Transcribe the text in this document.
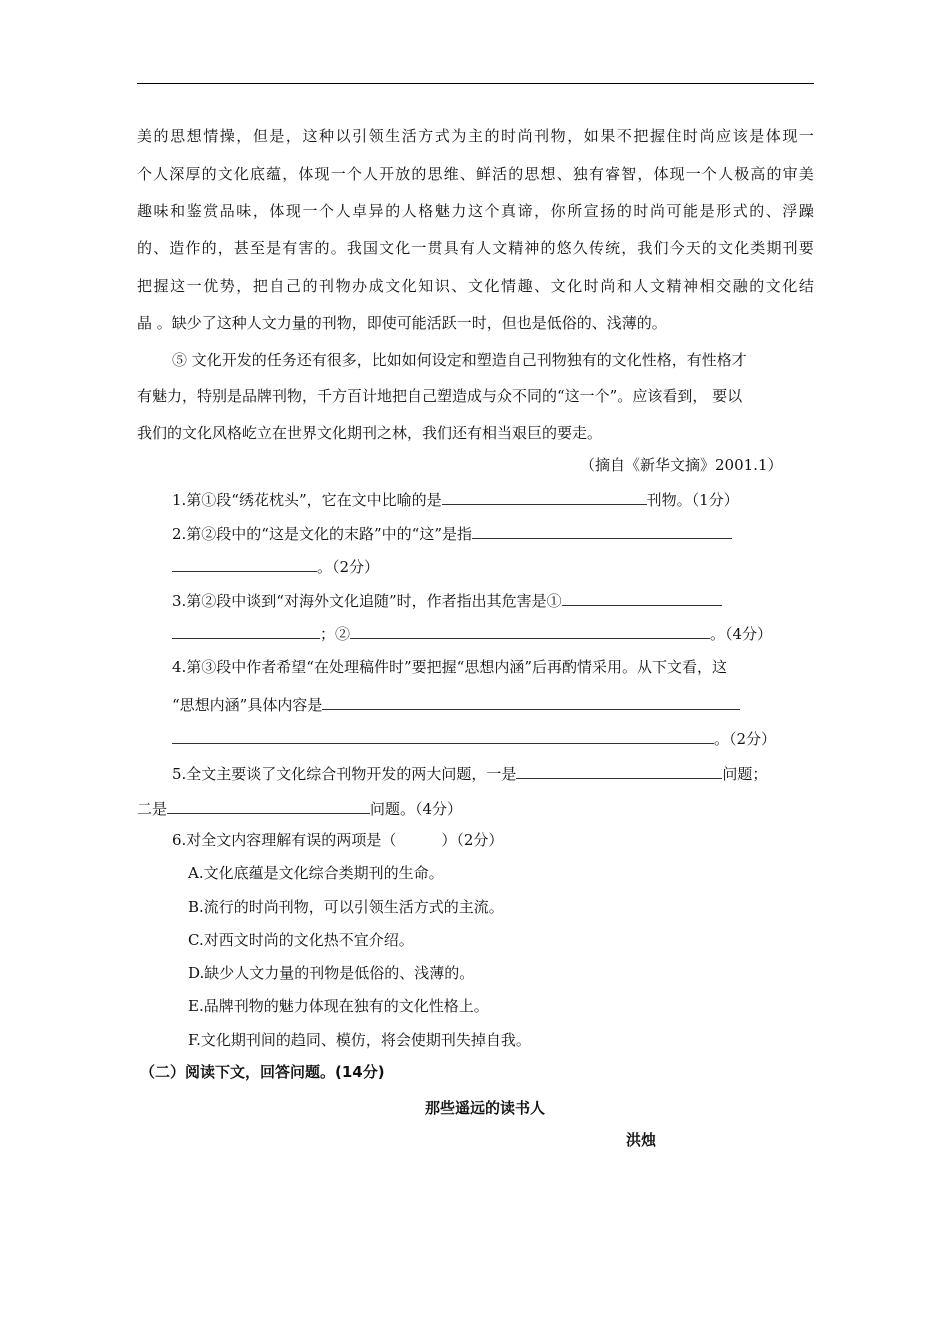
美 的 思 想 情 操 ， 但 是 ， 这 种 以 引 领 生 活 方 式 为 主 的 时 尚 刊 物 ， 如 果 不 把 握 住 时 尚 应 该 是 体 现 一
个 人 深 厚 的 文 化 底 蕴 ， 体 现 一 个 人 开 放 的 思 维 、 鲜 活 的 思 想 、 独 有 睿 智 ， 体 现 一 个 人 极 高 的 审 美
趣 味 和 鉴 赏 品 味 ， 体 现 一 个 人 卓 异 的 人 格 魅 力 这 个 真 谛 ， 你 所 宣 扬 的 时 尚 可 能 是 形 式 的 、 浮 躁
的 、 造 作 的 ， 甚 至 是 有 害 的 。 我 国 文 化 一 贯 具 有 人 文 精 神 的 悠 久 传 统 ， 我 们 今 天 的 文 化 类 期 刊 要
把 握 这 一 优 势 ， 把 自 己 的 刊 物 办 成 文 化 知 识 、 文 化 情 趣 、 文 化 时 尚 和 人 文 精 神 相 交 融 的 文 化 结
晶 。缺少了这种人文力量的刊物，即使可能活跃一时，但也是低俗的、浅薄的。
⑤ 文化开发的任务还有很多，比如如何设定和塑造自己刊物独有的文化性格，有性格才
有魅力，特别是品牌刊物，千方百计地把自己塑造成与众不同的“这一个”。应该看到， 要以
我们的文化风格屹立在世界文化期刊之林，我们还有相当艰巨的要走。
（摘自《新华文摘》2001.1）
1.第①段“绣花枕头”，它在文中比喻的是	刊物。（1分）
2.第②段中的“这是文化的末路”中的“这”是指
。（2分）
3.第②段中谈到“对海外文化追随”时，作者指出其危害是①
；②	。（4分）
4.第③段中作者希望“在处理稿件时”要把握“思想内涵”后再酌情采用。从下文看，这
“思想内涵”具体内容是
。（2分）
5.全文主要谈了文化综合刊物开发的两大问题，一是	问题；
二是	问题。（4分）
6.对全文内容理解有误的两项是（　　　）（2分）
A.文化底蕴是文化综合类期刊的生命。
B.流行的时尚刊物，可以引领生活方式的主流。
C.对西文时尚的文化热不宜介绍。
D.缺少人文力量的刊物是低俗的、浅薄的。
E.品牌刊物的魅力体现在独有的文化性格上。
F.文化期刊间的趋同、模仿，将会使期刊失掉自我。
（二）阅读下文，回答问题。(14分)
那些遥远的读书人
洪烛
